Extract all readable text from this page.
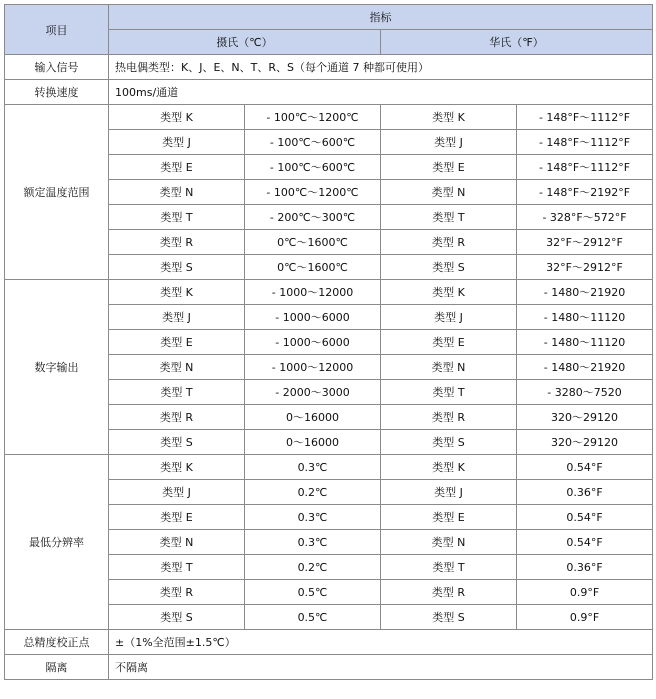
项目	指标			
	摄氏（℃）		华氏（℉）	
输入信号	热电偶类型：K、J、E、N、T、R、S（每个通道 7 种都可使用）			
转换速度	100ms/通道			
额定温度范围	类型 K	- 100℃～1200℃	类型 K	- 148°F～1112°F
	类型 J	- 100℃～600℃	类型 J	- 148°F～1112°F
	类型 E	- 100℃～600℃	类型 E	- 148°F～1112°F
	类型 N	- 100℃～1200℃	类型 N	- 148°F～2192°F
	类型 T	- 200℃～300℃	类型 T	- 328°F～572°F
	类型 R	0℃～1600℃	类型 R	32°F～2912°F
	类型 S	0℃～1600℃	类型 S	32°F～2912°F
数字输出	类型 K	- 1000～12000	类型 K	- 1480～21920
	类型 J	- 1000～6000	类型 J	- 1480～11120
	类型 E	- 1000～6000	类型 E	- 1480～11120
	类型 N	- 1000～12000	类型 N	- 1480～21920
	类型 T	- 2000～3000	类型 T	- 3280～7520
	类型 R	0～16000	类型 R	320～29120
	类型 S	0～16000	类型 S	320～29120
最低分辨率	类型 K	0.3℃	类型 K	0.54°F
	类型 J	0.2℃	类型 J	0.36°F
	类型 E	0.3℃	类型 E	0.54°F
	类型 N	0.3℃	类型 N	0.54°F
	类型 T	0.2℃	类型 T	0.36°F
	类型 R	0.5℃	类型 R	0.9°F
	类型 S	0.5℃	类型 S	0.9°F
总精度校正点	±（1%全范围±1.5℃）			
隔离	不隔离			
